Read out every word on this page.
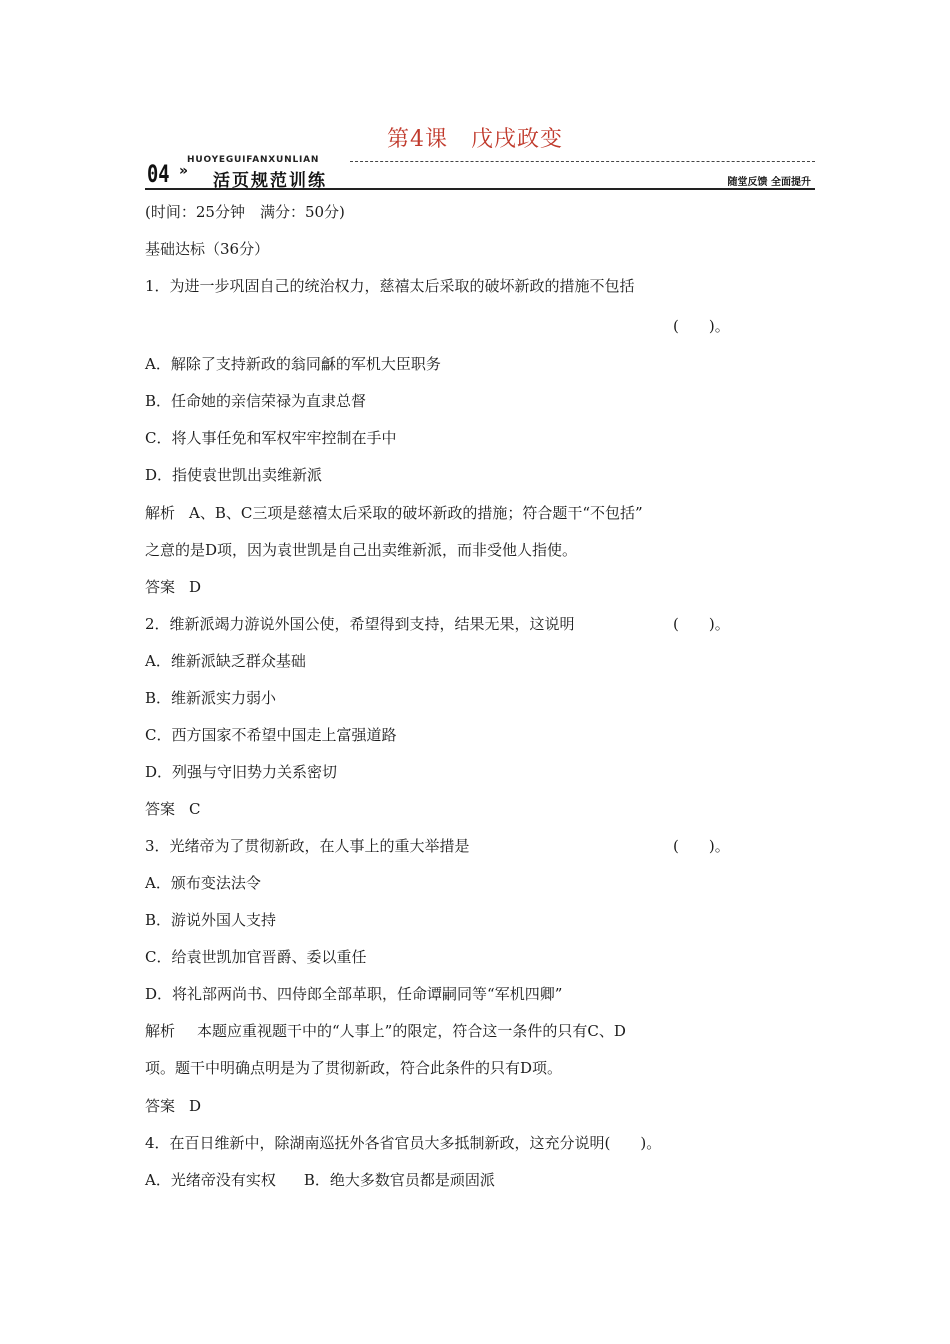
第4课　戊戌政变
HUOYEGUIFANXUNLIAN
04 » 活页规范训练	随堂反馈 全面提升
(时间：25分钟　满分：50分)
基础达标（36分）
1．为进一步巩固自己的统治权力，慈禧太后采取的破坏新政的措施不包括
(　　)。
A．解除了支持新政的翁同龢的军机大臣职务
B．任命她的亲信荣禄为直隶总督
C．将人事任免和军权牢牢控制在手中
D．指使袁世凯出卖维新派
解析 A、B、C三项是慈禧太后采取的破坏新政的措施；符合题干“不包括”
之意的是D项，因为袁世凯是自己出卖维新派，而非受他人指使。
答案 D
2．维新派竭力游说外国公使，希望得到支持，结果无果，这说明	(　　)。
A．维新派缺乏群众基础
B．维新派实力弱小
C．西方国家不希望中国走上富强道路
D．列强与守旧势力关系密切
答案 C
3．光绪帝为了贯彻新政，在人事上的重大举措是	(　　)。
A．颁布变法法令
B．游说外国人支持
C．给袁世凯加官晋爵、委以重任
D．将礼部两尚书、四侍郎全部革职，任命谭嗣同等“军机四卿”
解析 本题应重视题干中的“人事上”的限定，符合这一条件的只有C、D
项。题干中明确点明是为了贯彻新政，符合此条件的只有D项。
答案 D
4．在百日维新中，除湖南巡抚外各省官员大多抵制新政，这充分说明(　　)。
A．光绪帝没有实权 B．绝大多数官员都是顽固派
